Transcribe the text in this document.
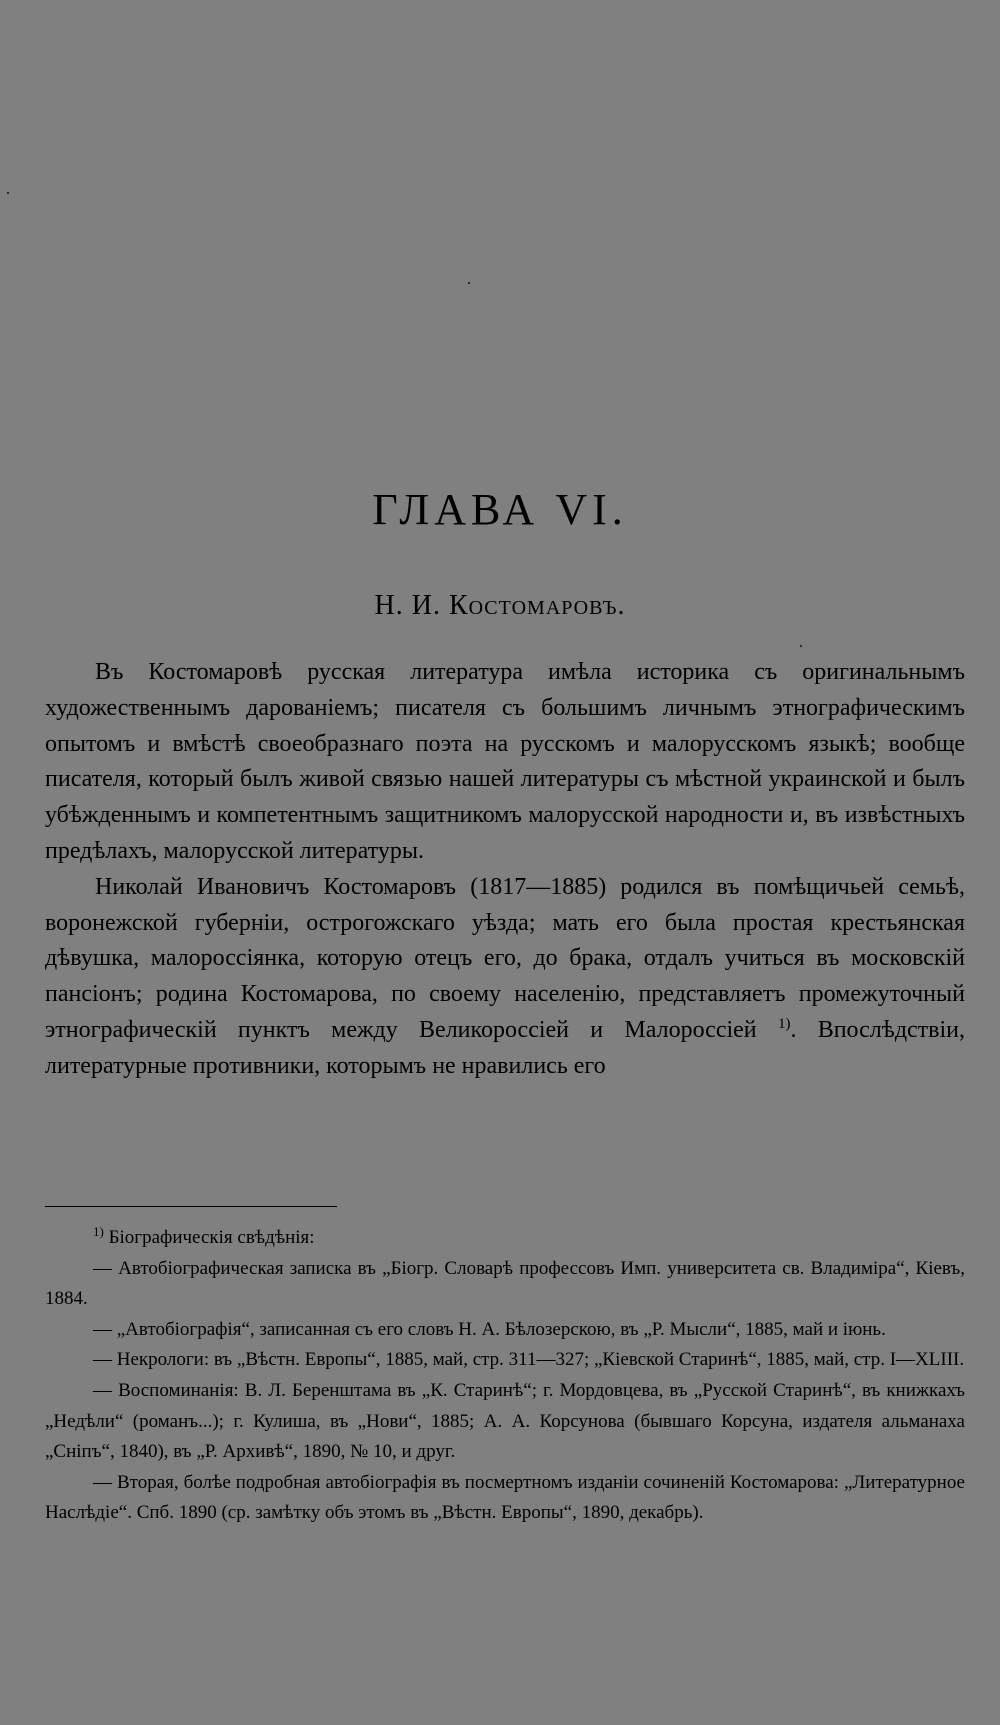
ГЛАВА VI.
Н. И. Костомаровъ.

Въ Костомаровѣ русская литература имѣла историка съ оригинальнымъ художественнымъ дарованіемъ; писателя съ большимъ личнымъ этнографическимъ опытомъ и вмѣстѣ своеобразнаго поэта на русскомъ и малорусскомъ языкѣ; вообще писателя, который былъ живой связью нашей литературы съ мѣстной украинской и былъ убѣжденнымъ и компетентнымъ защитникомъ малорусской народности и, въ извѣстныхъ предѣлахъ, малорусской литературы.

Николай Ивановичъ Костомаровъ (1817—1885) родился въ помѣщичьей семьѣ, воронежской губерніи, острогожскаго уѣзда; мать его была простая крестьянская дѣвушка, малороссіянка, которую отецъ его, до брака, отдалъ учиться въ московскій пансіонъ; родина Костомарова, по своему населенію, представляетъ промежуточный этнографическій пунктъ между Великороссіей и Малороссіей $^{1)}$. Впослѣдствіи, литературные противники, которымъ не нравились его

$^{1)}$ Біографическія свѣдѣнія:

— Автобіографическая записка въ „Біогр. Словарѣ профессовъ Имп. университета св. Владиміра“, Кіевъ, 1884.

— „Автобіографія“, записанная съ его словъ Н. А. Бѣлозерскою, въ „Р. Мысли“, 1885, май и іюнь.

— Некрологи: въ „Вѣстн. Европы“, 1885, май, стр. 311—327; „Кіевской Старинѣ“, 1885, май, стр. I—XLIII.

— Воспоминанія: В. Л. Беренштама въ „К. Старинѣ“; г. Мордовцева, въ „Русской Старинѣ“, въ книжкахъ „Недѣли“ (романъ...); г. Кулиша, въ „Нови“, 1885; А. А. Корсунова (бывшаго Корсуна, издателя альманаха „Снiпъ“, 1840), въ „Р. Архивѣ“, 1890, № 10, и друг.

— Вторая, болѣе подробная автобіографія въ посмертномъ изданіи сочиненій Костомарова: „Литературное Наслѣдіе“. Спб. 1890 (ср. замѣтку объ этомъ въ „Вѣстн. Европы“, 1890, декабрь).
